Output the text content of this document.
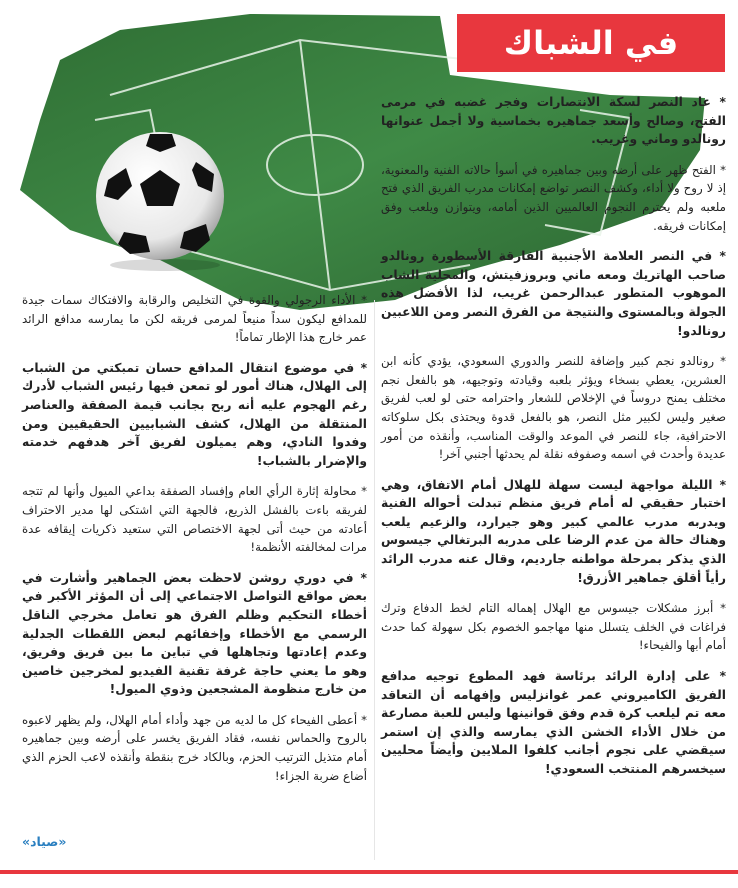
في الشباك

* عاد النصر لسكة الانتصارات وفجر غضبه في مرمى الفتح، وصالح وأسعد جماهيره بخماسية ولا أجمل عنوانها رونالدو وماني وغريب.

* الفتح ظهر على أرضه وبين جماهيره في أسوأ حالاته الفنية والمعنوية، إذ لا روح ولا أداء، وكشف النصر تواضع إمكانات مدرب الفريق الذي فتح ملعبه ولم يحترم النجوم العالميين الذين أمامه، ويتوازن ويلعب وفق إمكانات فريقه.

* في النصر العلامة الأجنبية الفارقة الأسطورة رونالدو صاحب الهاتريك ومعه ماني وبروزفيتش، والمحلية الشاب الموهوب المتطور عبدالرحمن غريب، لذا الأفضل هذه الجولة وبالمستوى والنتيجة من الفرق النصر ومن اللاعبين رونالدو!

* رونالدو نجم كبير وإضافة للنصر والدوري السعودي، يؤدي كأنه ابن العشرين، يعطي بسخاء ويؤثر بلعبه وقيادته وتوجيهه، هو بالفعل نجم مختلف يمنح دروساً في الإخلاص للشعار واحترامه حتى لو لعب لفريق صغير وليس لكبير مثل النصر، هو بالفعل قدوة ويحتذى بكل سلوكاته الاحترافية، جاء للنصر في الموعد والوقت المناسب، وأنقذه من أمور عديدة وأحدث في اسمه وصفوفه نقلة لم يحدثها أجنبي آخر!

* الليلة مواجهة ليست سهلة للهلال أمام الاتفاق، وهي اختبار حقيقي له أمام فريق منظم تبدلت أحواله الفنية ويدربه مدرب عالمي كبير وهو جيرارد، والزعيم يلعب وهناك حالة من عدم الرضا على مدربه البرتغالي جيسوس الذي يذكر بمرحلة مواطنه جارديم، وقال عنه مدرب الرائد رأياً أقلق جماهير الأزرق!

* أبرز مشكلات جيسوس مع الهلال إهماله التام لخط الدفاع وترك فراغات في الخلف يتسلل منها مهاجمو الخصوم بكل سهولة كما حدث أمام أبها والفيحاء!

* على إدارة الرائد برئاسة فهد المطوع توجيه مدافع الفريق الكاميروني عمر غوانزليس وإفهامه أن التعاقد معه تم ليلعب كرة قدم وفق قوانينها وليس للعبة مصارعة من خلال الأداء الخشن الذي يمارسه والذي إن استمر سيقضي على نجوم أجانب كلفوا الملايين وأيضاً محليين سيخسرهم المنتخب السعودي!

* الأداء الرجولي والقوة في التخليص والرقابة والافتكاك سمات جيدة للمدافع ليكون سداً منيعاً لمرمى فريقه لكن ما يمارسه مدافع الرائد عمر خارج هذا الإطار تماماً!

* في موضوع انتقال المدافع حسان تمبكتي من الشباب إلى الهلال، هناك أمور لو تمعن فيها رئيس الشباب لأدرك رغم الهجوم عليه أنه ربح بجانب قيمة الصفقة والعناصر المنتقلة من الهلال، كشف الشبابيين الحقيقيين ومن وفدوا النادي، وهم يميلون لفريق آخر هدفهم خدمته والإضرار بالشباب!

* محاولة إثارة الرأي العام وإفساد الصفقة بداعي الميول وأنها لم تتجه لفريقه باءت بالفشل الذريع، فالجهة التي اشتكى لها مدير الاحتراف أعادته من حيث أتى لجهة الاختصاص التي ستعيد ذكريات إيقافه عدة مرات لمخالفته الأنظمة!

* في دوري روشن لاحظت بعض الجماهير وأشارت في بعض مواقع التواصل الاجتماعي إلى أن المؤثر الأكبر في أخطاء التحكيم وظلم الفرق هو تعامل مخرجي الناقل الرسمي مع الأخطاء وإخفائهم لبعض اللقطات الجدلية وعدم إعادتها وتجاهلها في تباين ما بين فريق وفريق، وهو ما يعني حاجة غرفة تقنية الفيديو لمخرجين خاصين من خارج منظومة المشجعين وذوي الميول!

* أعطى الفيحاء كل ما لديه من جهد وأداء أمام الهلال، ولم يظهر لاعبوه بالروح والحماس نفسه، فقاد الفريق يخسر على أرضه وبين جماهيره أمام متذيل الترتيب الحزم، وبالكاد خرج بنقطة وأنقذه لاعب الحزم الذي أضاع ضربة الجزاء!

«صياد»
